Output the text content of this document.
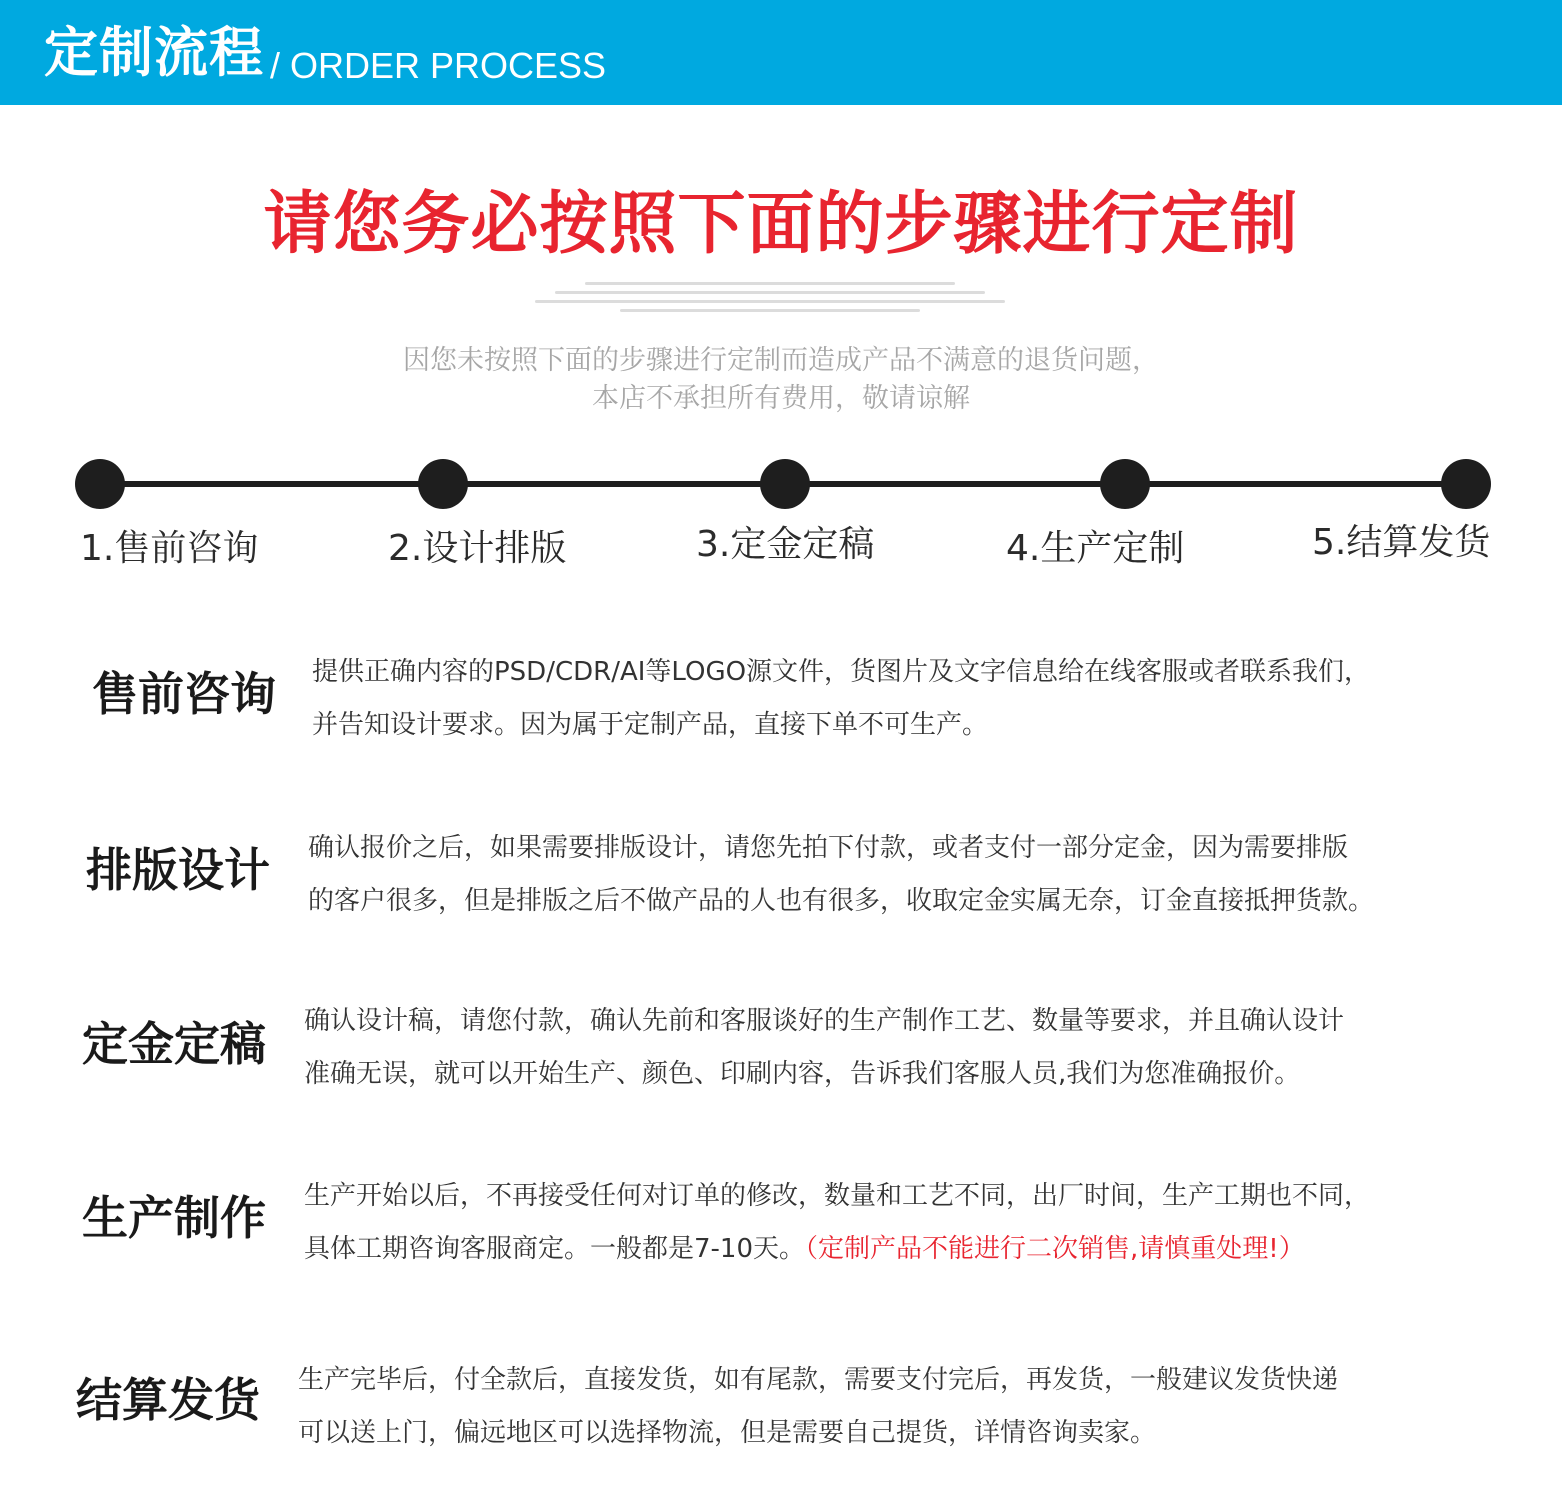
定制流程 / ORDER PROCESS
请您务必按照下面的步骤进行定制
因您未按照下面的步骤进行定制而造成产品不满意的退货问题，
本店不承担所有费用，敬请谅解
1.售前咨询	2.设计排版	3.定金定稿	4.生产定制	5.结算发货
售前咨询 提供正确内容的PSD/CDR/AI等LOGO源文件，货图片及文字信息给在线客服或者联系我们，
并告知设计要求。因为属于定制产品，直接下单不可生产。
排版设计 确认报价之后，如果需要排版设计，请您先拍下付款，或者支付一部分定金，因为需要排版
的客户很多，但是排版之后不做产品的人也有很多，收取定金实属无奈，订金直接抵押货款。
定金定稿 确认设计稿，请您付款，确认先前和客服谈好的生产制作工艺、数量等要求，并且确认设计
准确无误，就可以开始生产、颜色、印刷内容，告诉我们客服人员,我们为您准确报价。
生产制作 生产开始以后，不再接受任何对订单的修改，数量和工艺不同，出厂时间，生产工期也不同，
具体工期咨询客服商定。一般都是7-10天。（定制产品不能进行二次销售,请慎重处理!）
结算发货 生产完毕后，付全款后，直接发货，如有尾款，需要支付完后，再发货，一般建议发货快递
可以送上门，偏远地区可以选择物流，但是需要自己提货，详情咨询卖家。
